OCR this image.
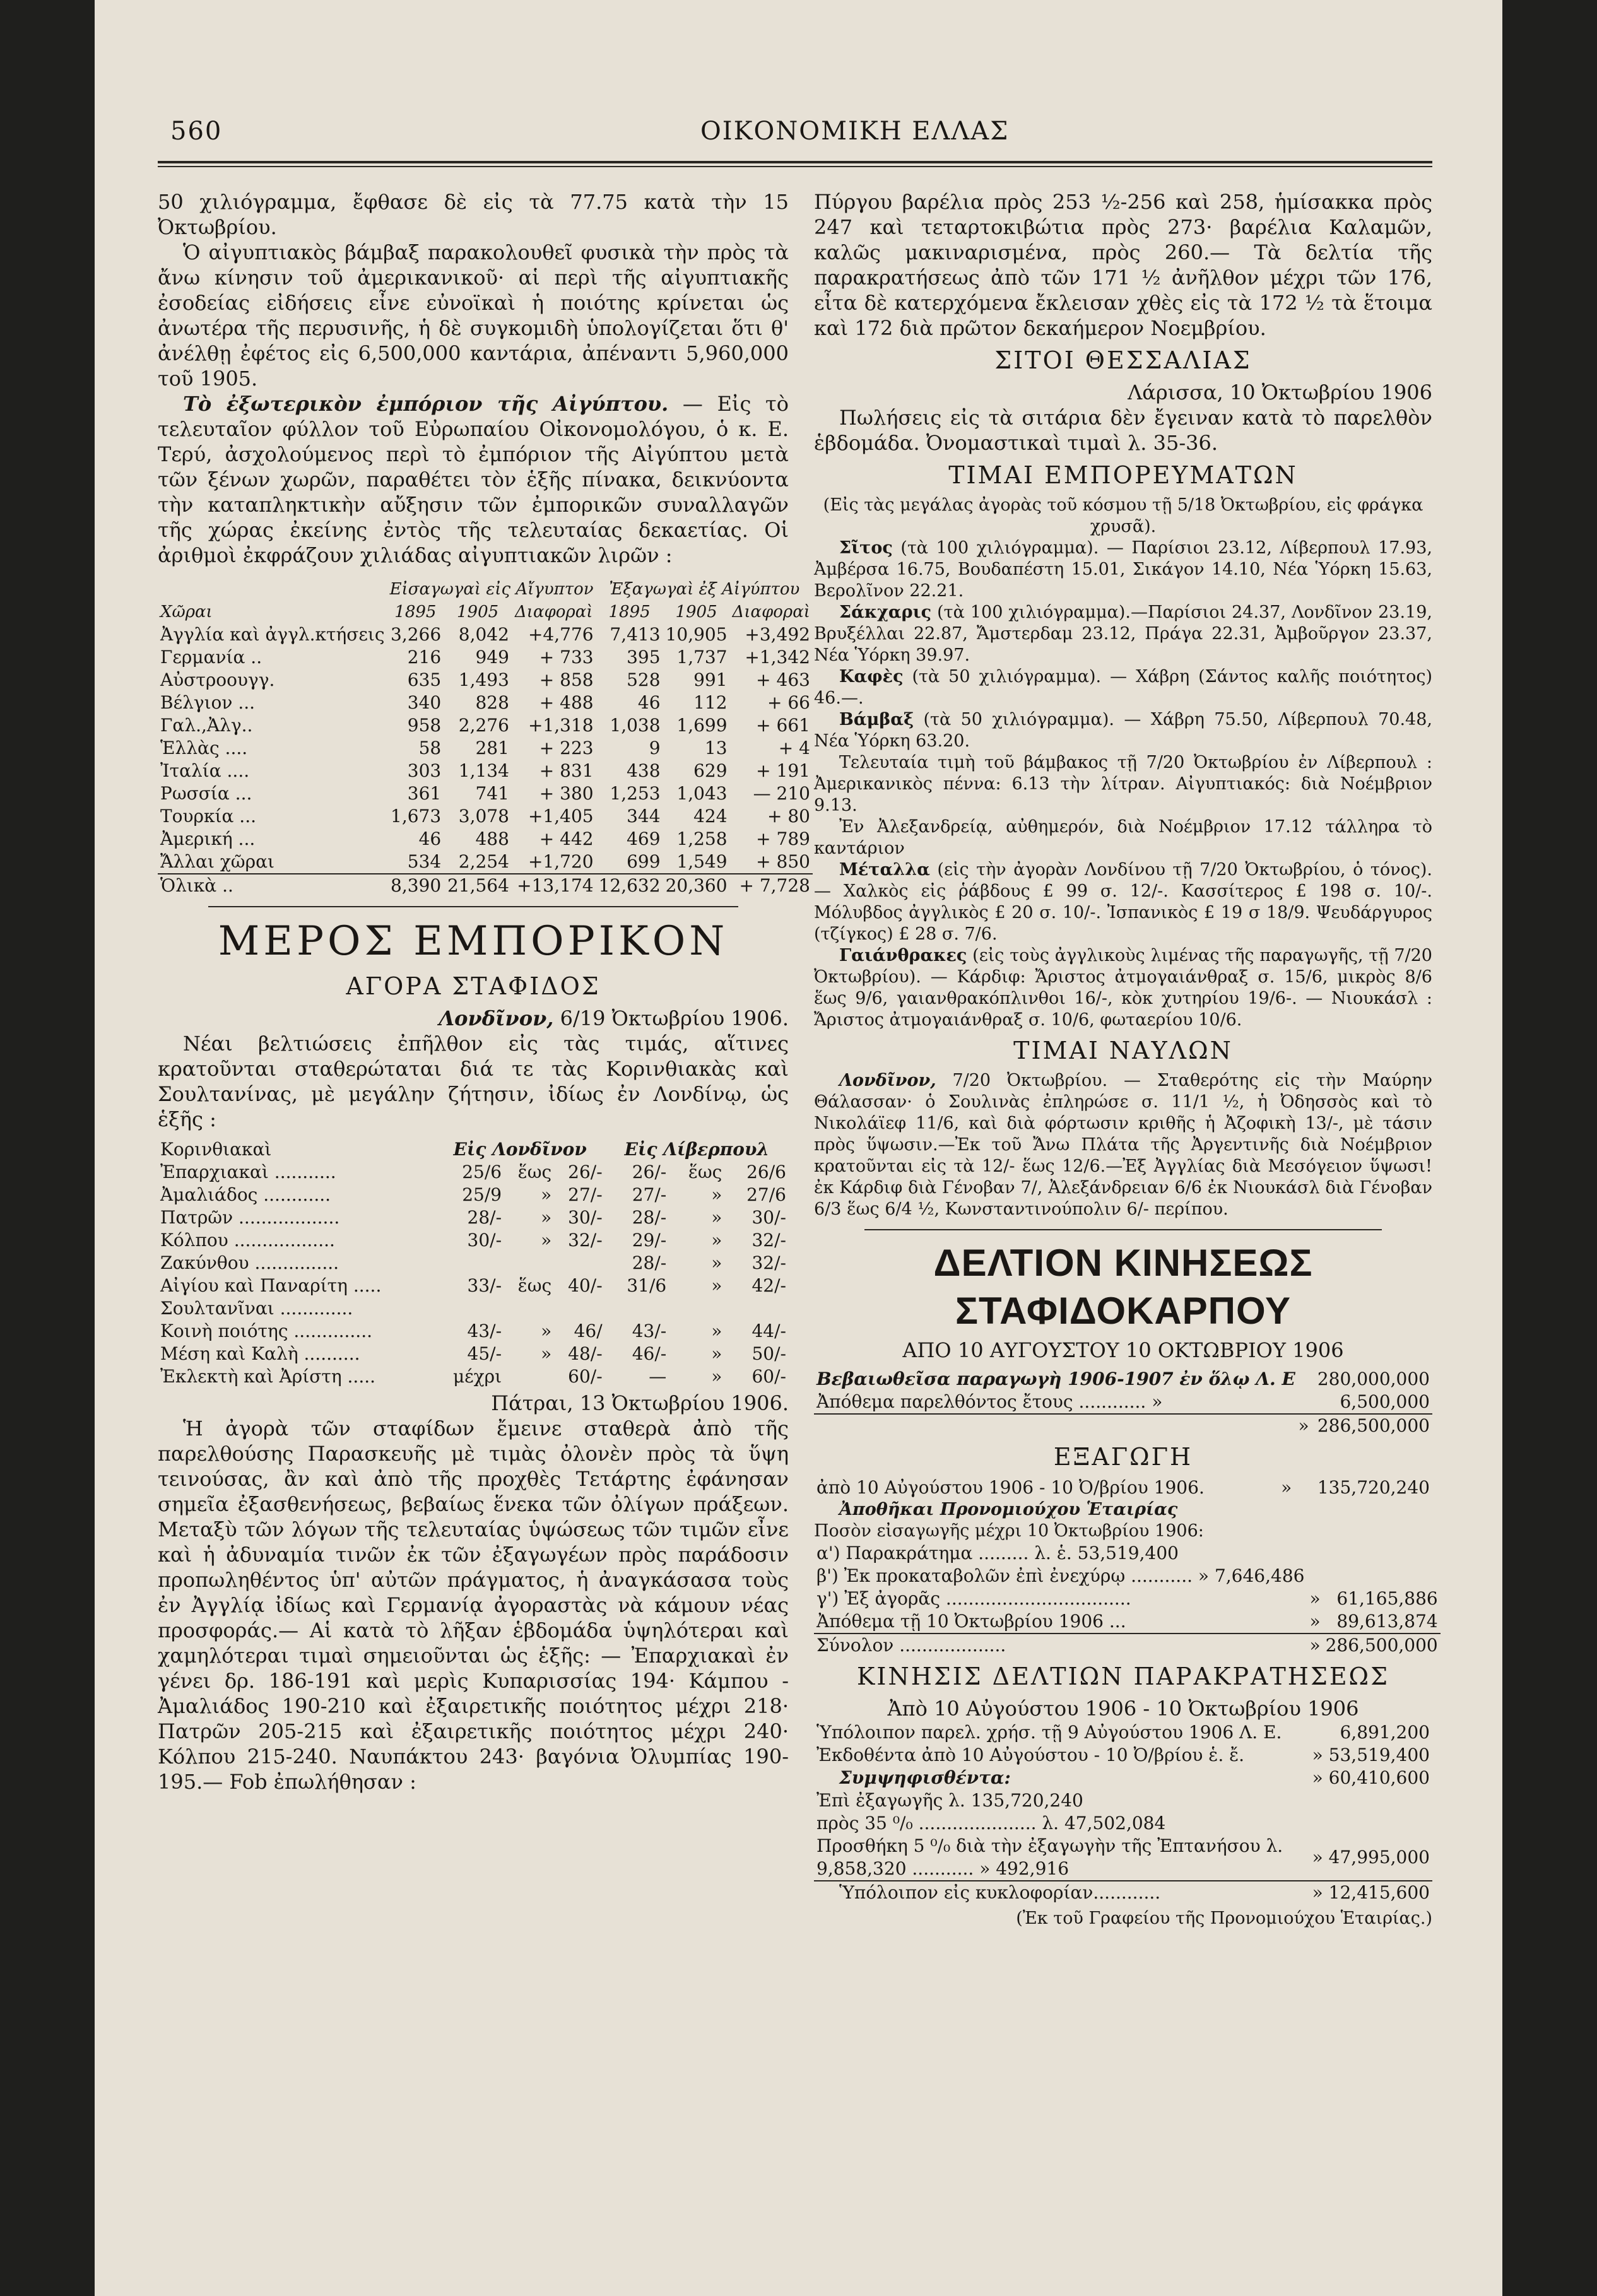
560	ΟΙΚΟΝΟΜΙΚΗ ΕΛΛΑΣ

50 χιλιόγραμμα, ἔφθασε δὲ εἰς τὰ 77.75 κατὰ τὴν 15 Ὀκτωβρίου.

Ὁ αἰγυπτιακὸς βάμβαξ παρακολουθεῖ φυσικὰ τὴν πρὸς τὰ ἄνω κίνησιν τοῦ ἀμερικανικοῦ· αἱ περὶ τῆς αἰγυπτιακῆς ἐσοδείας εἰδήσεις εἶνε εὐνοϊκαὶ ἡ ποιότης κρίνεται ὡς ἀνωτέρα τῆς περυσινῆς, ἡ δὲ συγκομιδὴ ὑπολογίζεται ὅτι θ' ἀνέλθῃ ἐφέτος εἰς 6,500,000 καντάρια, ἀπέναντι 5,960,000 τοῦ 1905.

Τὸ ἐξωτερικὸν ἐμπόριον τῆς Αἰγύπτου. — Εἰς τὸ τελευταῖον φύλλον τοῦ Εὐρωπαίου Οἰκονομολόγου, ὁ κ. Ε. Τερύ, ἀσχολούμενος περὶ τὸ ἐμπόριον τῆς Αἰγύπτου μετὰ τῶν ξένων χωρῶν, παραθέτει τὸν ἑξῆς πίνακα, δεικνύοντα τὴν καταπληκτικὴν αὔξησιν τῶν ἐμπορικῶν συναλλαγῶν τῆς χώρας ἐκείνης ἐντὸς τῆς τελευταίας δεκαετίας. Οἱ ἀριθμοὶ ἐκφράζουν χιλιάδας αἰγυπτιακῶν λιρῶν :

	Εἰσαγωγαὶ εἰς Αἴγυπτον			Ἐξαγωγαὶ ἐξ Αἰγύπτου		
Χῶραι	1895	1905	Διαφοραὶ	1895	1905	Διαφοραὶ
Ἀγγλία καὶ ἀγγλ.κτήσεις	3,266	8,042	+4,776	7,413	10,905	+3,492
Γερμανία ..	216	949	+ 733	395	1,737	+1,342
Αὐστροουγγ.	635	1,493	+ 858	528	991	+ 463
Βέλγιον ...	340	828	+ 488	46	112	+ 66
Γαλ.,Ἀλγ..	958	2,276	+1,318	1,038	1,699	+ 661
Ἑλλὰς ....	58	281	+ 223	9	13	+ 4
Ἰταλία ....	303	1,134	+ 831	438	629	+ 191
Ρωσσία ...	361	741	+ 380	1,253	1,043	— 210
Τουρκία ...	1,673	3,078	+1,405	344	424	+ 80
Ἀμερική ...	46	488	+ 442	469	1,258	+ 789
Ἄλλαι χῶραι	534	2,254	+1,720	699	1,549	+ 850
Ὁλικὰ ..	8,390	21,564	+13,174	12,632	20,360	+ 7,728
ΜΕΡΟΣ ΕΜΠΟΡΙΚΟΝ
ΑΓΟΡΑ ΣΤΑΦΙΔΟΣ

Λονδῖνον, 6/19 Ὀκτωβρίου 1906.

Νέαι βελτιώσεις ἐπῆλθον εἰς τὰς τιμάς, αἵτινες κρατοῦνται σταθερώταται διά τε τὰς Κορινθιακὰς καὶ Σουλτανίνας, μὲ μεγάλην ζήτησιν, ἰδίως ἐν Λονδίνῳ, ὡς ἑξῆς :

Κορινθιακαὶ	Εἰς Λονδῖνον			Εἰς Λίβερπουλ		
Ἐπαρχιακαὶ ...........	25/6	ἕως	26/-	26/-	ἕως	26/6
Ἀμαλιάδος ............	25/9	»	27/-	27/-	»	27/6
Πατρῶν ..................	28/-	»	30/-	28/-	»	30/-
Κόλπου ..................	30/-	»	32/-	29/-	»	32/-
Ζακύνθου ...............				28/-	»	32/-
Αἰγίου καὶ Παναρίτη .....	33/-	ἕως	40/-	31/6	»	42/-
Σουλτανῖναι .............						
Κοινὴ ποιότης ..............	43/-	»	46/	43/-	»	44/-
Μέση καὶ Καλὴ ..........	45/-	»	48/-	46/-	»	50/-
Ἐκλεκτὴ καὶ Ἀρίστη .....	μέχρι		60/-	—	»	60/-

Πάτραι, 13 Ὀκτωβρίου 1906.

Ἡ ἀγορὰ τῶν σταφίδων ἔμεινε σταθερὰ ἀπὸ τῆς παρελθούσης Παρασκευῆς μὲ τιμὰς ὀλονὲν πρὸς τὰ ὕψη τεινούσας, ἂν καὶ ἀπὸ τῆς προχθὲς Τετάρτης ἐφάνησαν σημεῖα ἐξασθενήσεως, βεβαίως ἕνεκα τῶν ὀλίγων πράξεων. Μεταξὺ τῶν λόγων τῆς τελευταίας ὑψώσεως τῶν τιμῶν εἶνε καὶ ἡ ἀδυναμία τινῶν ἐκ τῶν ἐξαγωγέων πρὸς παράδοσιν προπωληθέντος ὑπ' αὐτῶν πράγματος, ἡ ἀναγκάσασα τοὺς ἐν Ἀγγλίᾳ ἰδίως καὶ Γερμανίᾳ ἀγοραστὰς νὰ κάμουν νέας προσφοράς.— Αἱ κατὰ τὸ λῆξαν ἑβδομάδα ὑψηλότεραι καὶ χαμηλότεραι τιμαὶ σημειοῦνται ὡς ἑξῆς: — Ἐπαρχιακαὶ ἐν γένει δρ. 186-191 καὶ μερὶς Κυπαρισσίας 194· Κάμπου - Ἀμαλιάδος 190-210 καὶ ἐξαιρετικῆς ποιότητος μέχρι 218· Πατρῶν 205-215 καὶ ἐξαιρετικῆς ποιότητος μέχρι 240· Κόλπου 215-240. Ναυπάκτου 243· βαγόνια Ὀλυμπίας 190-195.— Fob ἐπωλήθησαν :

Πύργου βαρέλια πρὸς 253 ½-256 καὶ 258, ἡμίσακκα πρὸς 247 καὶ τεταρτοκιβώτια πρὸς 273· βαρέλια Καλαμῶν, καλῶς μακιναρισμένα, πρὸς 260.— Τὰ δελτία τῆς παρακρατήσεως ἀπὸ τῶν 171 ½ ἀνῆλθον μέχρι τῶν 176, εἶτα δὲ κατερχόμενα ἔκλεισαν χθὲς εἰς τὰ 172 ½ τὰ ἕτοιμα καὶ 172 διὰ πρῶτον δεκαήμερον Νοεμβρίου.

ΣΙΤΟΙ ΘΕΣΣΑΛΙΑΣ

Λάρισσα, 10 Ὀκτωβρίου 1906

Πωλήσεις εἰς τὰ σιτάρια δὲν ἔγειναν κατὰ τὸ παρελθὸν ἑβδομάδα. Ὀνομαστικαὶ τιμαὶ λ. 35-36.

ΤΙΜΑΙ ΕΜΠΟΡΕΥΜΑΤΩΝ

(Εἰς τὰς μεγάλας ἀγορὰς τοῦ κόσμου τῇ 5/18 Ὀκτωβρίου, εἰς φράγκα χρυσᾶ).

Σῖτος (τὰ 100 χιλιόγραμμα). — Παρίσιοι 23.12, Λίβερπουλ 17.93, Ἀμβέρσα 16.75, Βουδαπέστη 15.01, Σικάγον 14.10, Νέα Ὑόρκη 15.63, Βερολῖνον 22.21.

Σάκχαρις (τὰ 100 χιλιόγραμμα).—Παρίσιοι 24.37, Λονδῖνον 23.19, Βρυξέλλαι 22.87, Ἄμστερδαμ 23.12, Πράγα 22.31, Ἀμβοῦργον 23.37, Νέα Ὑόρκη 39.97.

Καφὲς (τὰ 50 χιλιόγραμμα). — Χάβρη (Σάντος καλῆς ποιότητος) 46.—.

Βάμβαξ (τὰ 50 χιλιόγραμμα). — Χάβρη 75.50, Λίβερπουλ 70.48, Νέα Ὑόρκη 63.20.

Τελευταία τιμὴ τοῦ βάμβακος τῇ 7/20 Ὀκτωβρίου ἐν Λίβερπουλ : Ἀμερικανικὸς πέννα: 6.13 τὴν λίτραν. Αἰγυπτιακός: διὰ Νοέμβριον 9.13.

Ἐν Ἀλεξανδρείᾳ, αὐθημερόν, διὰ Νοέμβριον 17.12 τάλληρα τὸ καντάριον

Μέταλλα (εἰς τὴν ἀγορὰν Λονδίνου τῇ 7/20 Ὀκτωβρίου, ὁ τόνος). — Χαλκὸς εἰς ῥάβδους £ 99 σ. 12/-. Κασσίτερος £ 198 σ. 10/-. Μόλυβδος ἀγγλικὸς £ 20 σ. 10/-. Ἰσπανικὸς £ 19 σ 18/9. Ψευδάργυρος (τζίγκος) £ 28 σ. 7/6.

Γαιάνθρακες (εἰς τοὺς ἀγγλικοὺς λιμένας τῆς παραγωγῆς, τῇ 7/20 Ὀκτωβρίου). — Κάρδιφ: Ἄριστος ἀτμογαιάνθραξ σ. 15/6, μικρὸς 8/6 ἕως 9/6, γαιανθρακόπλινθοι 16/-, κὸκ χυτηρίου 19/6-. — Νιουκάσλ : Ἄριστος ἀτμογαιάνθραξ σ. 10/6, φωταερίου 10/6.

ΤΙΜΑΙ ΝΑΥΛΩΝ

Λονδῖνον, 7/20 Ὀκτωβρίου. — Σταθερότης εἰς τὴν Μαύρην Θάλασσαν· ὁ Σουλινὰς ἐπληρώσε σ. 11/1 ½, ἡ Ὀδησσὸς καὶ τὸ Νικολάϊεφ 11/6, καὶ διὰ φόρτωσιν κριθῆς ἡ Ἀζοφικὴ 13/-, μὲ τάσιν πρὸς ὕψωσιν.—Ἐκ τοῦ Ἄνω Πλάτα τῆς Ἀργεντινῆς διὰ Νοέμβριον κρατοῦνται εἰς τὰ 12/- ἕως 12/6.—Ἐξ Ἀγγλίας διὰ Μεσόγειον ὕψωσι! ἐκ Κάρδιφ διὰ Γένοβαν 7/, Ἀλεξάνδρειαν 6/6 ἐκ Νιουκάσλ διὰ Γένοβαν 6/3 ἕως 6/4 ½, Κωνσταντινούπολιν 6/- περίπου.

ΔΕΛΤΙΟΝ ΚΙΝΗΣΕΩΣ ΣΤΑΦΙΔΟΚΑΡΠΟΥ
ΑΠΟ 10 ΑΥΓΟΥΣΤΟΥ 10 ΟΚΤΩΒΡΙΟΥ 1906
Βεβαιωθεῖσα παραγωγὴ 1906-1907 ἐν ὅλῳ Λ. Ε	280,000,000
Ἀπόθεμα παρελθόντος ἔτους ............ »	6,500,000
»	286,500,000
ΕΞΑΓΩΓΗ
ἀπὸ 10 Αὐγούστου 1906 - 10 Ὀ/βρίου 1906.	»	135,720,240

Ἀποθῆκαι Προνομιούχου Ἑταιρίας

Ποσὸν εἰσαγωγῆς μέχρι 10 Ὀκτωβρίου 1906:

α') Παρακράτημα ......... λ. ἑ. 53,519,400		
β') Ἐκ προκαταβολῶν ἐπὶ ἐνεχύρῳ ........... » 7,646,486		
γ') Ἐξ ἀγορᾶς .................................	»	61,165,886
Ἀπόθεμα τῇ 10 Ὀκτωβρίου 1906 ...	»	89,613,874
Σύνολον ...................	»	286,500,000
ΚΙΝΗΣΙΣ ΔΕΛΤΙΩΝ ΠΑΡΑΚΡΑΤΗΣΕΩΣ
Ἀπὸ 10 Αὐγούστου 1906 - 10 Ὀκτωβρίου 1906
Ὑπόλοιπον παρελ. χρήσ. τῇ 9 Αὐγούστου 1906 Λ. Ε.	6,891,200
Ἐκδοθέντα ἀπὸ 10 Αὐγούστου - 10 Ὀ/βρίου ἑ. ἔ.	» 53,519,400
Συμψηφισθέντα:	» 60,410,600
Ἐπὶ ἐξαγωγῆς λ. 135,720,240	
πρὸς 35 ⁰/₀ ..................... λ. 47,502,084	
Προσθήκη 5 ⁰/₀ διὰ τὴν ἐξαγωγὴν τῆς Ἐπτανήσου λ. 9,858,320 ........... » 492,916	» 47,995,000
Ὑπόλοιπον εἰς κυκλοφορίαν............	» 12,415,600

(Ἐκ τοῦ Γραφείου τῆς Προνομιούχου Ἑταιρίας.)
